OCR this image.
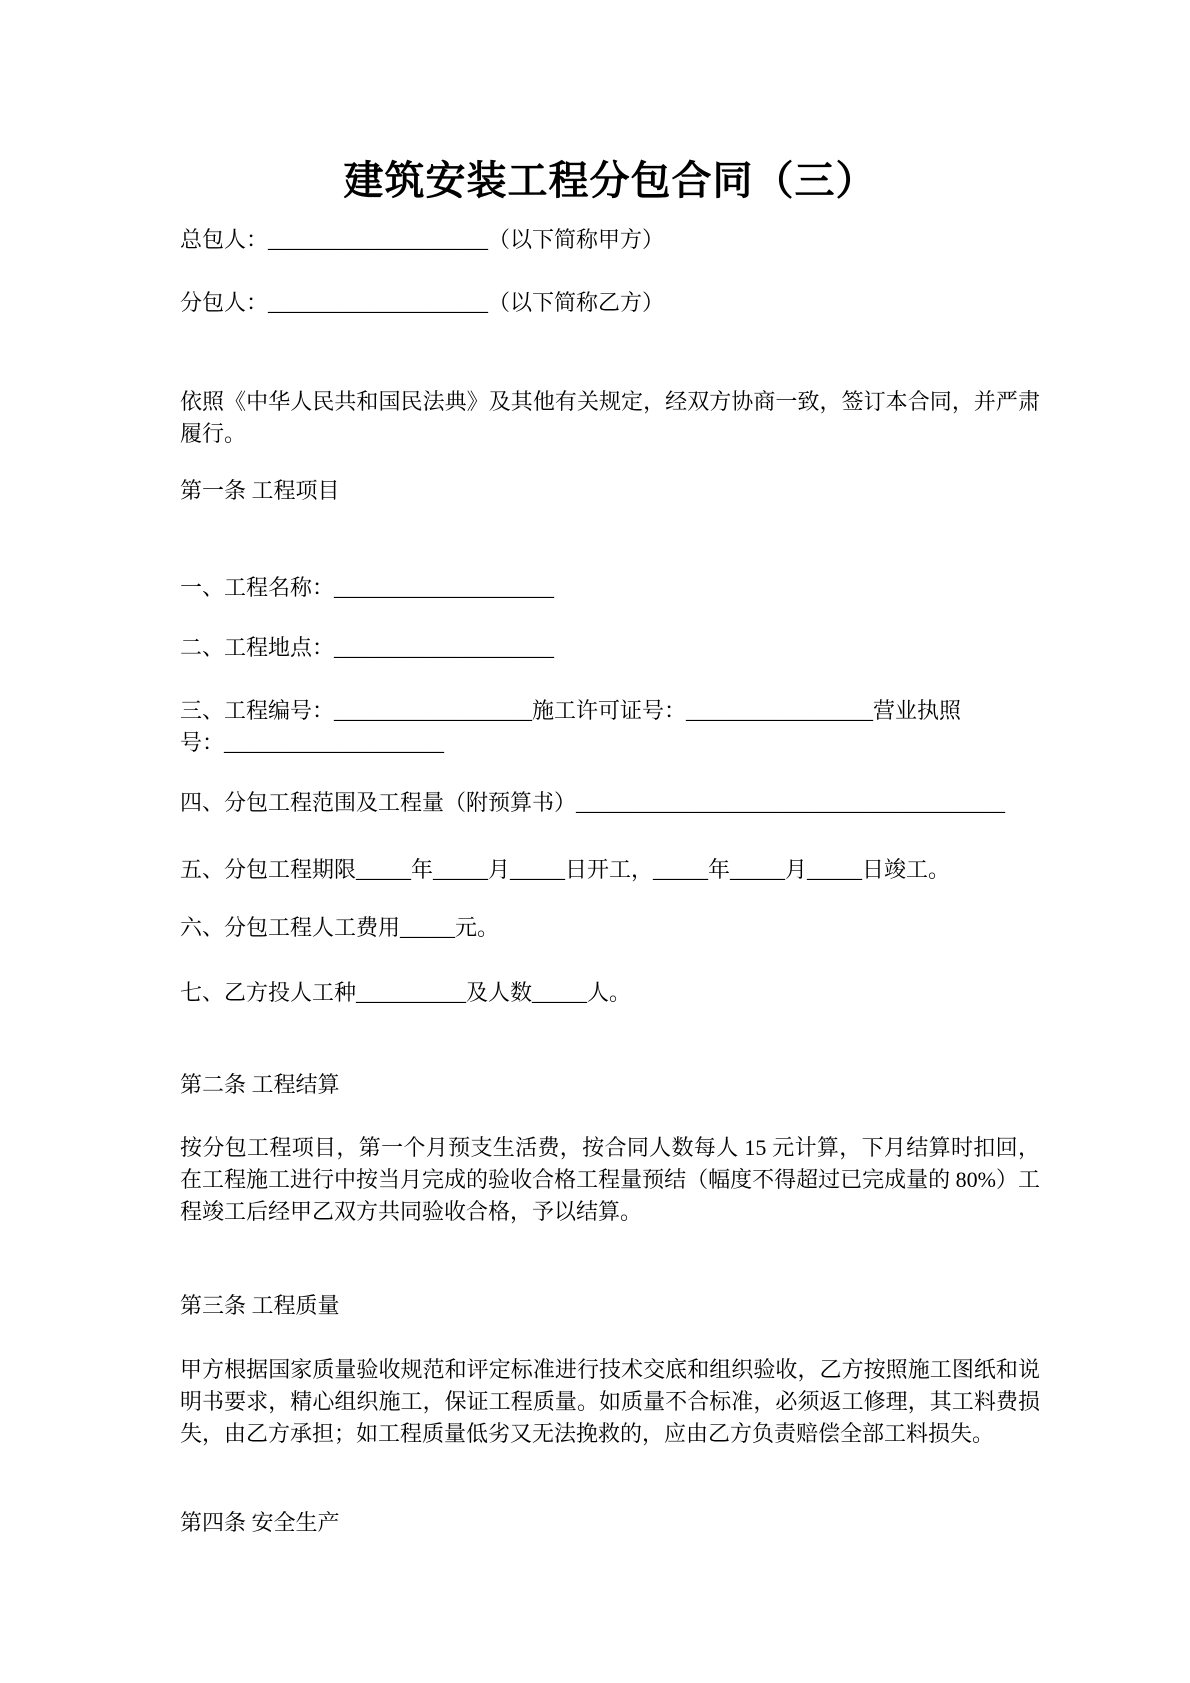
建筑安装工程分包合同（三）

总包人：____________________（以下简称甲方）

分包人：____________________（以下简称乙方）

依照《中华人民共和国民法典》及其他有关规定，经双方协商一致，签订本合同，并严肃履行。

第一条 工程项目

一、工程名称：____________________

二、工程地点：____________________

三、工程编号：__________________施工许可证号：_________________营业执照

号：____________________

四、分包工程范围及工程量（附预算书）_______________________________________

五、分包工程期限_____年_____月_____日开工，_____年_____月_____日竣工。

六、分包工程人工费用_____元。

七、乙方投人工种__________及人数_____人。

第二条 工程结算

按分包工程项目，第一个月预支生活费，按合同人数每人 15 元计算，下月结算时扣回，在工程施工进行中按当月完成的验收合格工程量预结（幅度不得超过已完成量的 80%）工程竣工后经甲乙双方共同验收合格，予以结算。

第三条 工程质量

甲方根据国家质量验收规范和评定标准进行技术交底和组织验收，乙方按照施工图纸和说明书要求，精心组织施工，保证工程质量。如质量不合标准，必须返工修理，其工料费损失，由乙方承担；如工程质量低劣又无法挽救的，应由乙方负责赔偿全部工料损失。

第四条 安全生产
